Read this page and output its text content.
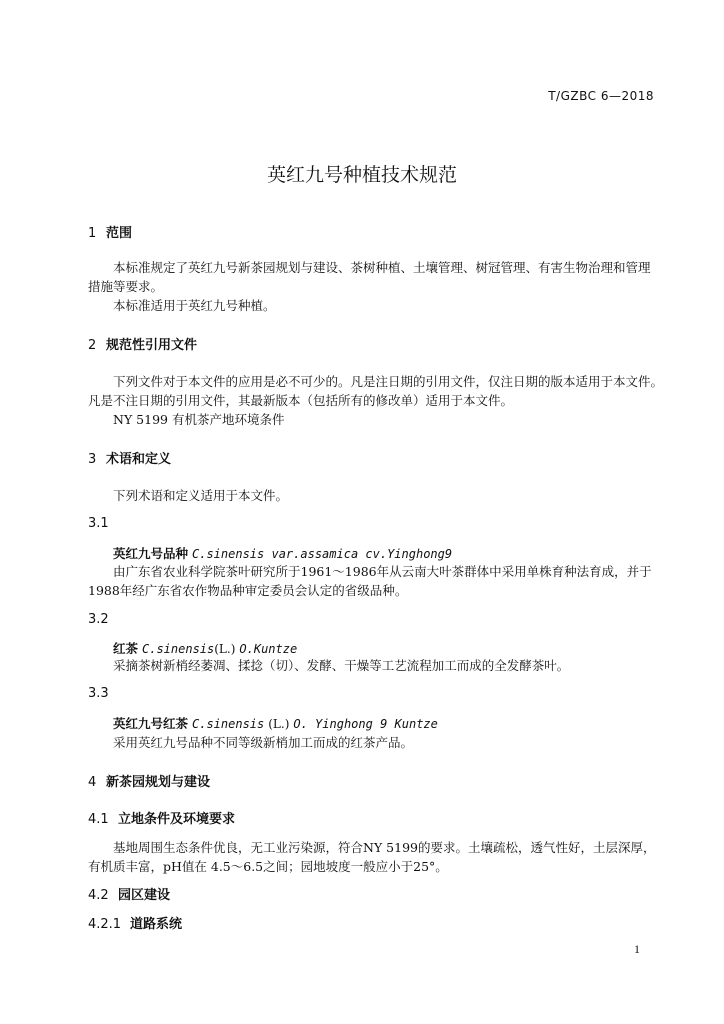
T/GZBC 6—2018
英红九号种植技术规范
1 范围
本标准规定了英红九号新茶园规划与建设、茶树种植、土壤管理、树冠管理、有害生物治理和管理
措施等要求。
本标准适用于英红九号种植。
2 规范性引用文件
下列文件对于本文件的应用是必不可少的。凡是注日期的引用文件，仅注日期的版本适用于本文件。
凡是不注日期的引用文件，其最新版本（包括所有的修改单）适用于本文件。
NY 5199 有机茶产地环境条件
3 术语和定义
下列术语和定义适用于本文件。
3.1
英红九号品种 C.sinensis var.assamica cv.Yinghong9
由广东省农业科学院茶叶研究所于1961～1986年从云南大叶茶群体中采用单株育种法育成，并于
1988年经广东省农作物品种审定委员会认定的省级品种。
3.2
红茶 C.sinensis(L.) O.Kuntze
采摘茶树新梢经萎凋、揉捻（切）、发酵、干燥等工艺流程加工而成的全发酵茶叶。
3.3
英红九号红茶 C.sinensis (L.) O. Yinghong 9 Kuntze
采用英红九号品种不同等级新梢加工而成的红茶产品。
4 新茶园规划与建设
4.1 立地条件及环境要求
基地周围生态条件优良，无工业污染源，符合NY 5199的要求。土壤疏松，透气性好，土层深厚，
有机质丰富，pH值在 4.5～6.5之间；园地坡度一般应小于25°。
4.2 园区建设
4.2.1 道路系统
1
